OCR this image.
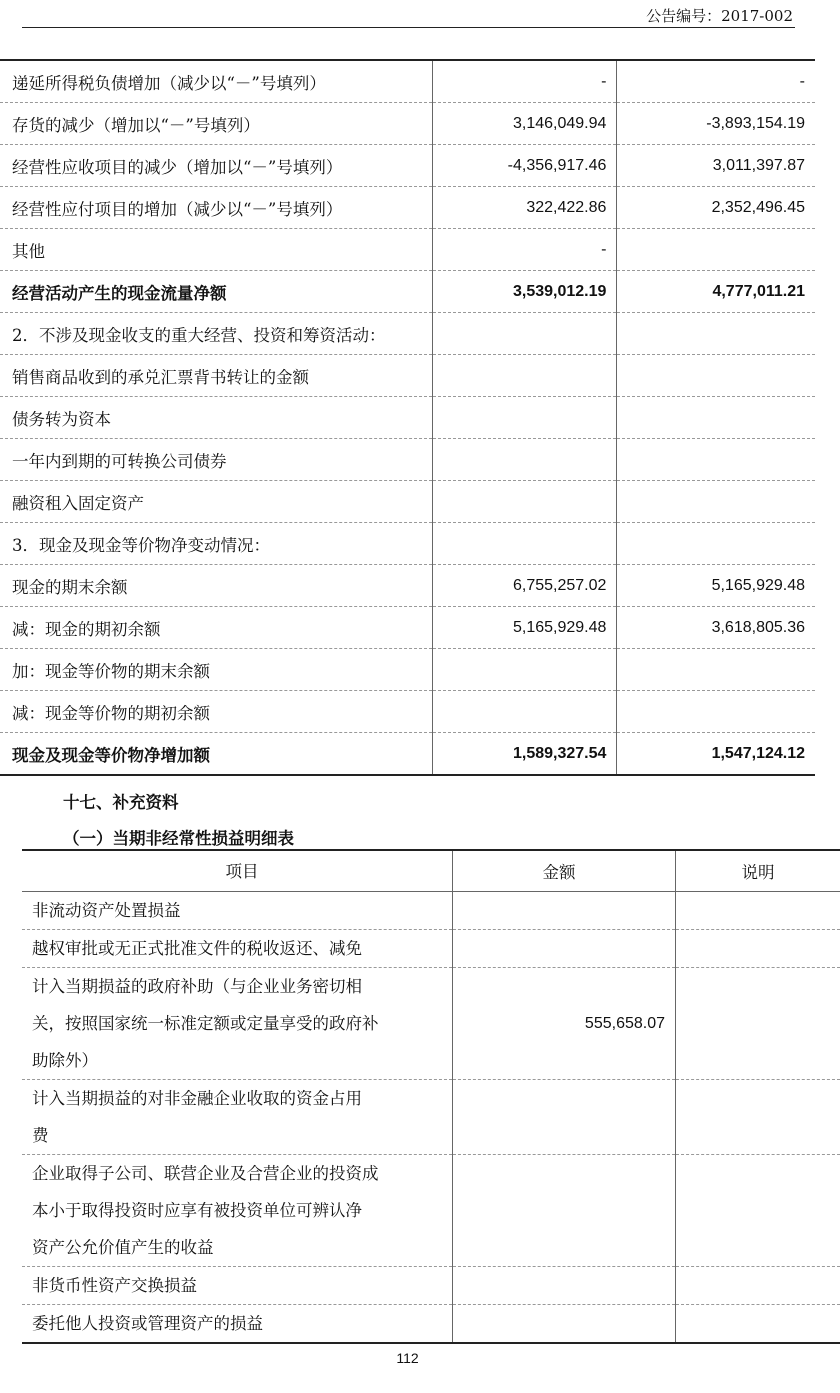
公告编号：2017-002
递延所得税负债增加（减少以“－”号填列）	-	-
存货的减少（增加以“－”号填列）	3,146,049.94	-3,893,154.19
经营性应收项目的减少（增加以“－”号填列）	-4,356,917.46	3,011,397.87
经营性应付项目的增加（减少以“－”号填列）	322,422.86	2,352,496.45
其他	-	
经营活动产生的现金流量净额	3,539,012.19	4,777,011.21
2．不涉及现金收支的重大经营、投资和筹资活动：		
销售商品收到的承兑汇票背书转让的金额		
债务转为资本		
一年内到期的可转换公司债券		
融资租入固定资产		
3．现金及现金等价物净变动情况：		
现金的期末余额	6,755,257.02	5,165,929.48
减：现金的期初余额	5,165,929.48	3,618,805.36
加：现金等价物的期末余额		
减：现金等价物的期初余额		
现金及现金等价物净增加额	1,589,327.54	1,547,124.12
十七、补充资料
（一）当期非经常性损益明细表
项目	金额	说明

非流动资产处置损益		

越权审批或无正式批准文件的税收返还、减免		

计入当期损益的政府补助（与企业业务密切相
关，按照国家统一标准定额或定量享受的政府补
助除外）	555,658.07	

计入当期损益的对非金融企业收取的资金占用
费		

企业取得子公司、联营企业及合营企业的投资成
本小于取得投资时应享有被投资单位可辨认净
资产公允价值产生的收益		

非货币性资产交换损益		

委托他人投资或管理资产的损益		

112
